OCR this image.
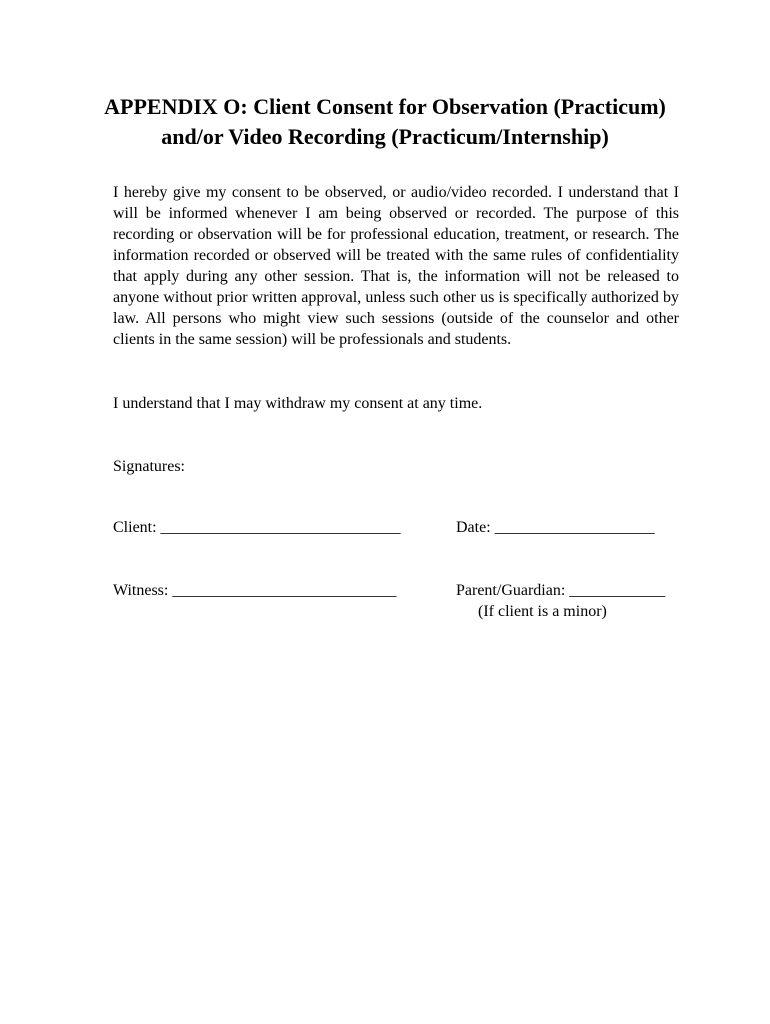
APPENDIX O: Client Consent for Observation (Practicum)
and/or Video Recording (Practicum/Internship)

I hereby give my consent to be observed, or audio/video recorded. I understand that I will be informed whenever I am being observed or recorded. The purpose of this recording or observation will be for professional education, treatment, or research. The information recorded or observed will be treated with the same rules of confidentiality that apply during any other session. That is, the information will not be released to anyone without prior written approval, unless such other us is specifically authorized by law. All persons who might view such sessions (outside of the counselor and other clients in the same session) will be professionals and students.

I understand that I may withdraw my consent at any time.

Signatures:

Client: ______________________________	Date: ____________________
Witness: ____________________________	Parent/Guardian: ____________
(If client is a minor)
